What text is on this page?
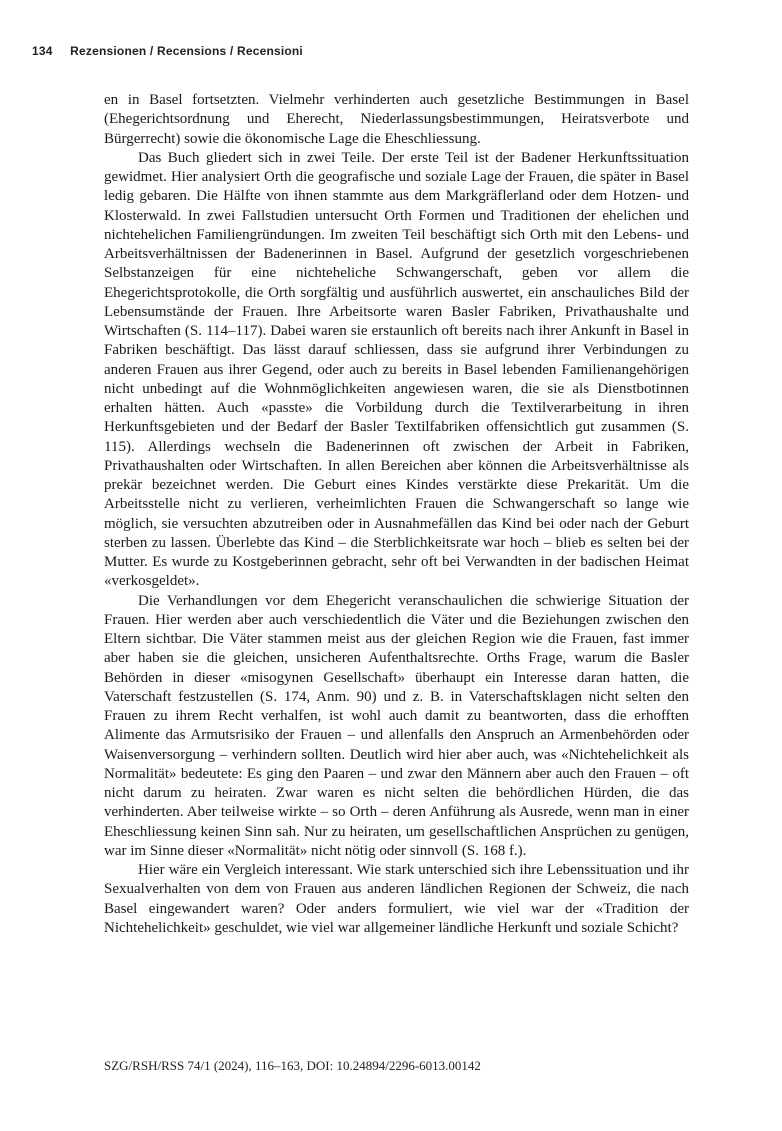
134 Rezensionen / Recensions / Recensioni

en in Basel fortsetzten. Vielmehr verhinderten auch gesetzliche Bestimmungen in Basel (Ehegerichtsordnung und Eherecht, Niederlassungsbestimmungen, Heiratsverbote und Bürgerrecht) sowie die ökonomische Lage die Eheschliessung.

Das Buch gliedert sich in zwei Teile. Der erste Teil ist der Badener Herkunftssituation gewidmet. Hier analysiert Orth die geografische und soziale Lage der Frauen, die später in Basel ledig gebaren. Die Hälfte von ihnen stammte aus dem Markgräflerland oder dem Hotzen- und Klosterwald. In zwei Fallstudien untersucht Orth Formen und Traditionen der ehelichen und nichtehelichen Familiengründungen. Im zweiten Teil beschäftigt sich Orth mit den Lebens- und Arbeitsverhältnissen der Badenerinnen in Basel. Aufgrund der gesetzlich vorgeschriebenen Selbstanzeigen für eine nichteheliche Schwangerschaft, geben vor allem die Ehegerichtsprotokolle, die Orth sorgfältig und ausführlich auswertet, ein anschauliches Bild der Lebensumstände der Frauen. Ihre Arbeitsorte waren Basler Fabriken, Privathaushalte und Wirtschaften (S. 114–117). Dabei waren sie erstaunlich oft bereits nach ihrer Ankunft in Basel in Fabriken beschäftigt. Das lässt darauf schliessen, dass sie aufgrund ihrer Verbindungen zu anderen Frauen aus ihrer Gegend, oder auch zu bereits in Basel lebenden Familienangehörigen nicht unbedingt auf die Wohnmöglichkeiten angewiesen waren, die sie als Dienstbotinnen erhalten hätten. Auch «passte» die Vorbildung durch die Textilverarbeitung in ihren Herkunftsgebieten und der Bedarf der Basler Textilfabriken offensichtlich gut zusammen (S. 115). Allerdings wechseln die Badenerinnen oft zwischen der Arbeit in Fabriken, Privathaushalten oder Wirtschaften. In allen Bereichen aber können die Arbeitsverhältnisse als prekär bezeichnet werden. Die Geburt eines Kindes verstärkte diese Prekarität. Um die Arbeitsstelle nicht zu verlieren, verheimlichten Frauen die Schwangerschaft so lange wie möglich, sie versuchten abzutreiben oder in Ausnahmefällen das Kind bei oder nach der Geburt sterben zu lassen. Überlebte das Kind – die Sterblichkeitsrate war hoch – blieb es selten bei der Mutter. Es wurde zu Kostgeberinnen gebracht, sehr oft bei Verwandten in der badischen Heimat «verkosgeldet».

Die Verhandlungen vor dem Ehegericht veranschaulichen die schwierige Situation der Frauen. Hier werden aber auch verschiedentlich die Väter und die Beziehungen zwischen den Eltern sichtbar. Die Väter stammen meist aus der gleichen Region wie die Frauen, fast immer aber haben sie die gleichen, unsicheren Aufenthaltsrechte. Orths Frage, warum die Basler Behörden in dieser «misogynen Gesellschaft» überhaupt ein Interesse daran hatten, die Vaterschaft festzustellen (S. 174, Anm. 90) und z. B. in Vaterschaftsklagen nicht selten den Frauen zu ihrem Recht verhalfen, ist wohl auch damit zu beantworten, dass die erhofften Alimente das Armutsrisiko der Frauen – und allenfalls den Anspruch an Armenbehörden oder Waisenversorgung – verhindern sollten. Deutlich wird hier aber auch, was «Nichtehelichkeit als Normalität» bedeutete: Es ging den Paaren – und zwar den Männern aber auch den Frauen – oft nicht darum zu heiraten. Zwar waren es nicht selten die behördlichen Hürden, die das verhinderten. Aber teilweise wirkte – so Orth – deren Anführung als Ausrede, wenn man in einer Eheschliessung keinen Sinn sah. Nur zu heiraten, um gesellschaftlichen Ansprüchen zu genügen, war im Sinne dieser «Normalität» nicht nötig oder sinnvoll (S. 168 f.).

Hier wäre ein Vergleich interessant. Wie stark unterschied sich ihre Lebenssituation und ihr Sexualverhalten von dem von Frauen aus anderen ländlichen Regionen der Schweiz, die nach Basel eingewandert waren? Oder anders formuliert, wie viel war der «Tradition der Nichtehelichkeit» geschuldet, wie viel war allgemeiner ländliche Herkunft und soziale Schicht?

SZG/RSH/RSS 74/1 (2024), 116–163, DOI: 10.24894/2296-6013.00142
